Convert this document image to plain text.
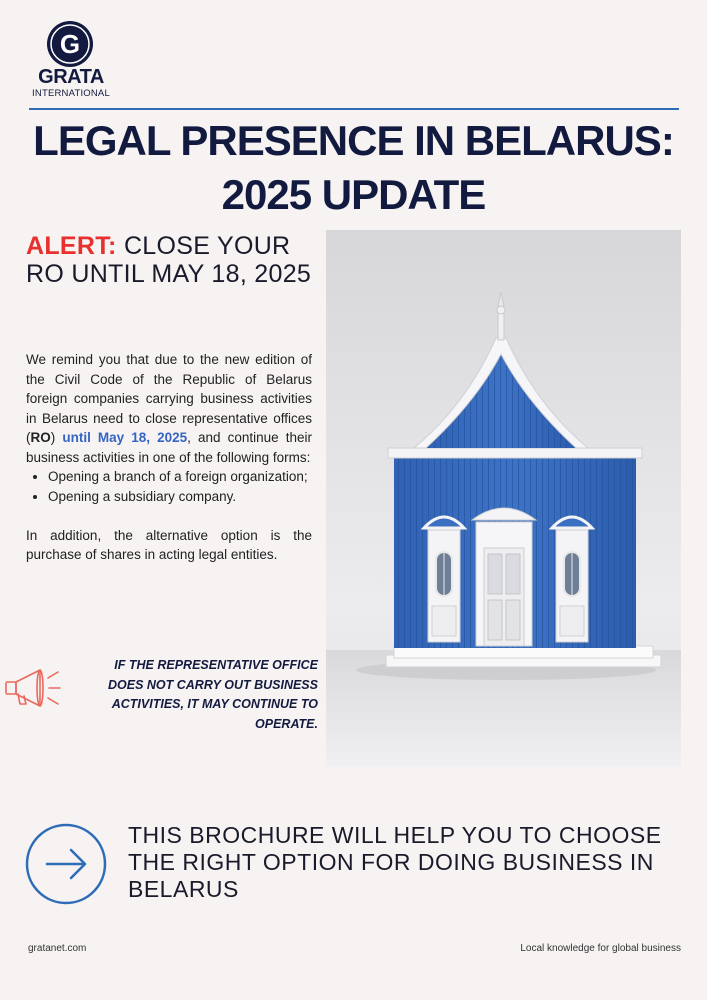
G
GRATA
INTERNATIONAL
LEGAL PRESENCE IN BELARUS:
2025 UPDATE
ALERT: CLOSE YOUR RO UNTIL MAY 18, 2025

We remind you that due to the new edition of the Civil Code of the Republic of Belarus foreign companies carrying business activities in Belarus need to close representative offices (RO) until May 18, 2025, and continue their business activities in one of the following forms:

• Opening a branch of a foreign organization;
• Opening a subsidiary company.

In addition, the alternative option is the purchase of shares in acting legal entities.

IF THE REPRESENTATIVE OFFICE DOES NOT CARRY OUT BUSINESS ACTIVITIES, IT MAY CONTINUE TO OPERATE.
THIS BROCHURE WILL HELP YOU TO CHOOSE THE RIGHT OPTION FOR DOING BUSINESS IN BELARUS
gratanet.com	Local knowledge for global business
